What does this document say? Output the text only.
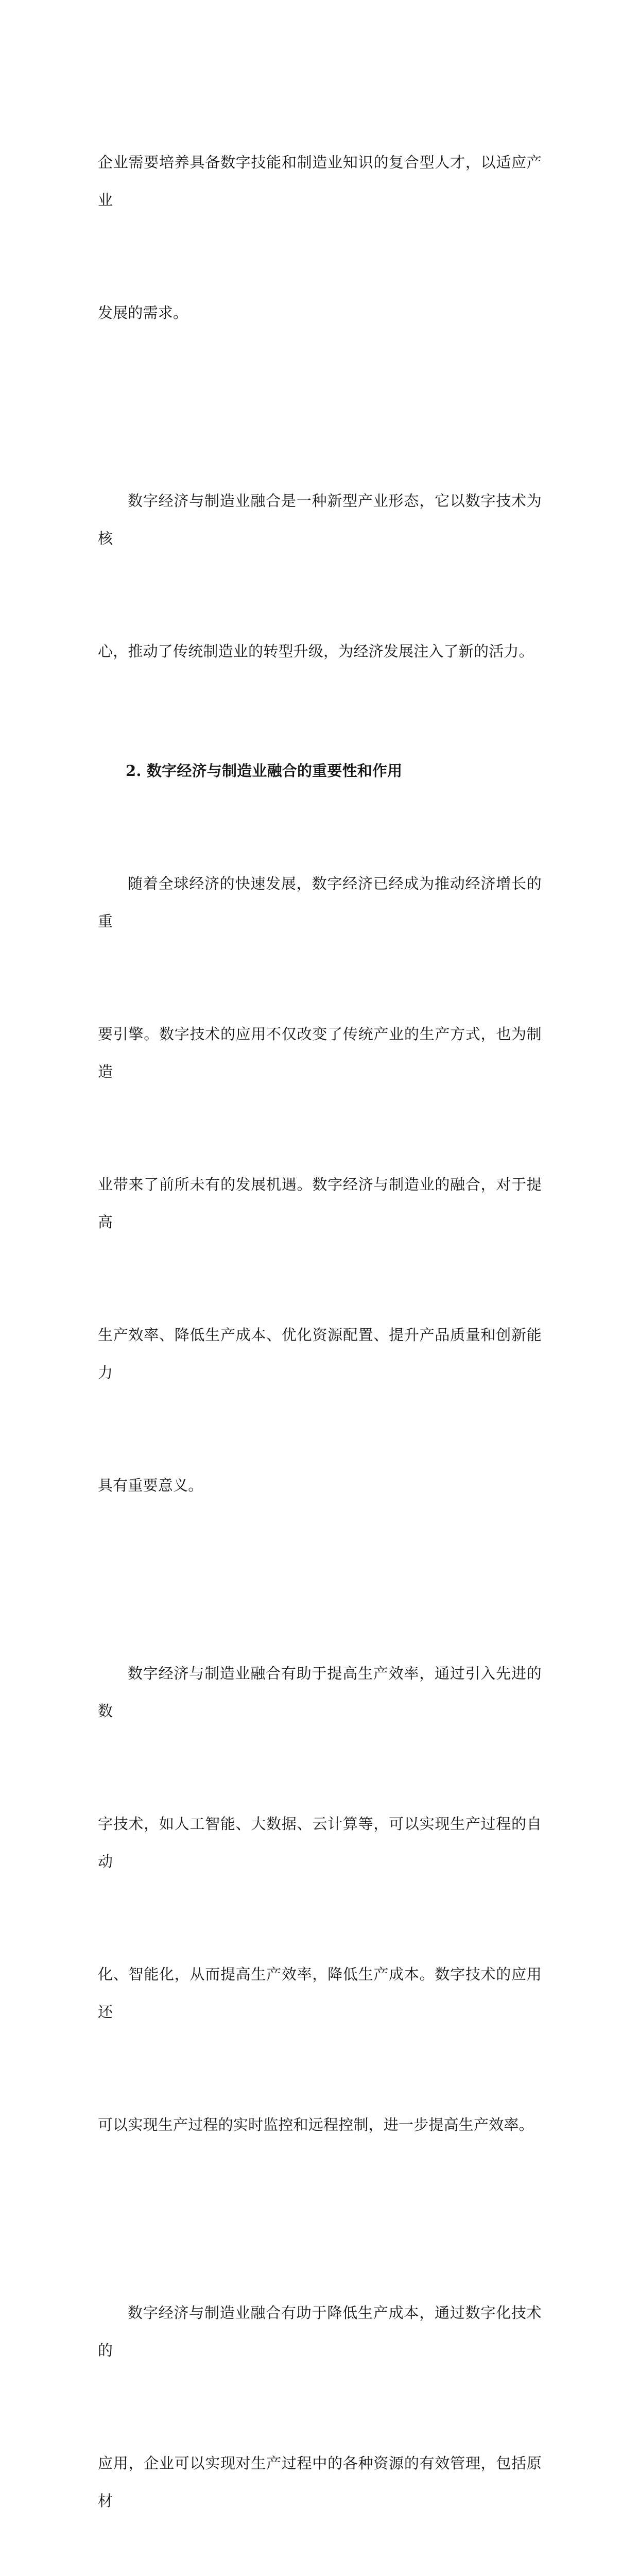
企业需要培养具备数字技能和制造业知识的复合型人才，以适应产业

发展的需求。

数字经济与制造业融合是一种新型产业形态，它以数字技术为核

心，推动了传统制造业的转型升级，为经济发展注入了新的活力。

2. 数字经济与制造业融合的重要性和作用

随着全球经济的快速发展，数字经济已经成为推动经济增长的重

要引擎。数字技术的应用不仅改变了传统产业的生产方式，也为制造

业带来了前所未有的发展机遇。数字经济与制造业的融合，对于提高

生产效率、降低生产成本、优化资源配置、提升产品质量和创新能力

具有重要意义。

数字经济与制造业融合有助于提高生产效率，通过引入先进的数

字技术，如人工智能、大数据、云计算等，可以实现生产过程的自动

化、智能化，从而提高生产效率，降低生产成本。数字技术的应用还

可以实现生产过程的实时监控和远程控制，进一步提高生产效率。

数字经济与制造业融合有助于降低生产成本，通过数字化技术的

应用，企业可以实现对生产过程中的各种资源的有效管理，包括原材
